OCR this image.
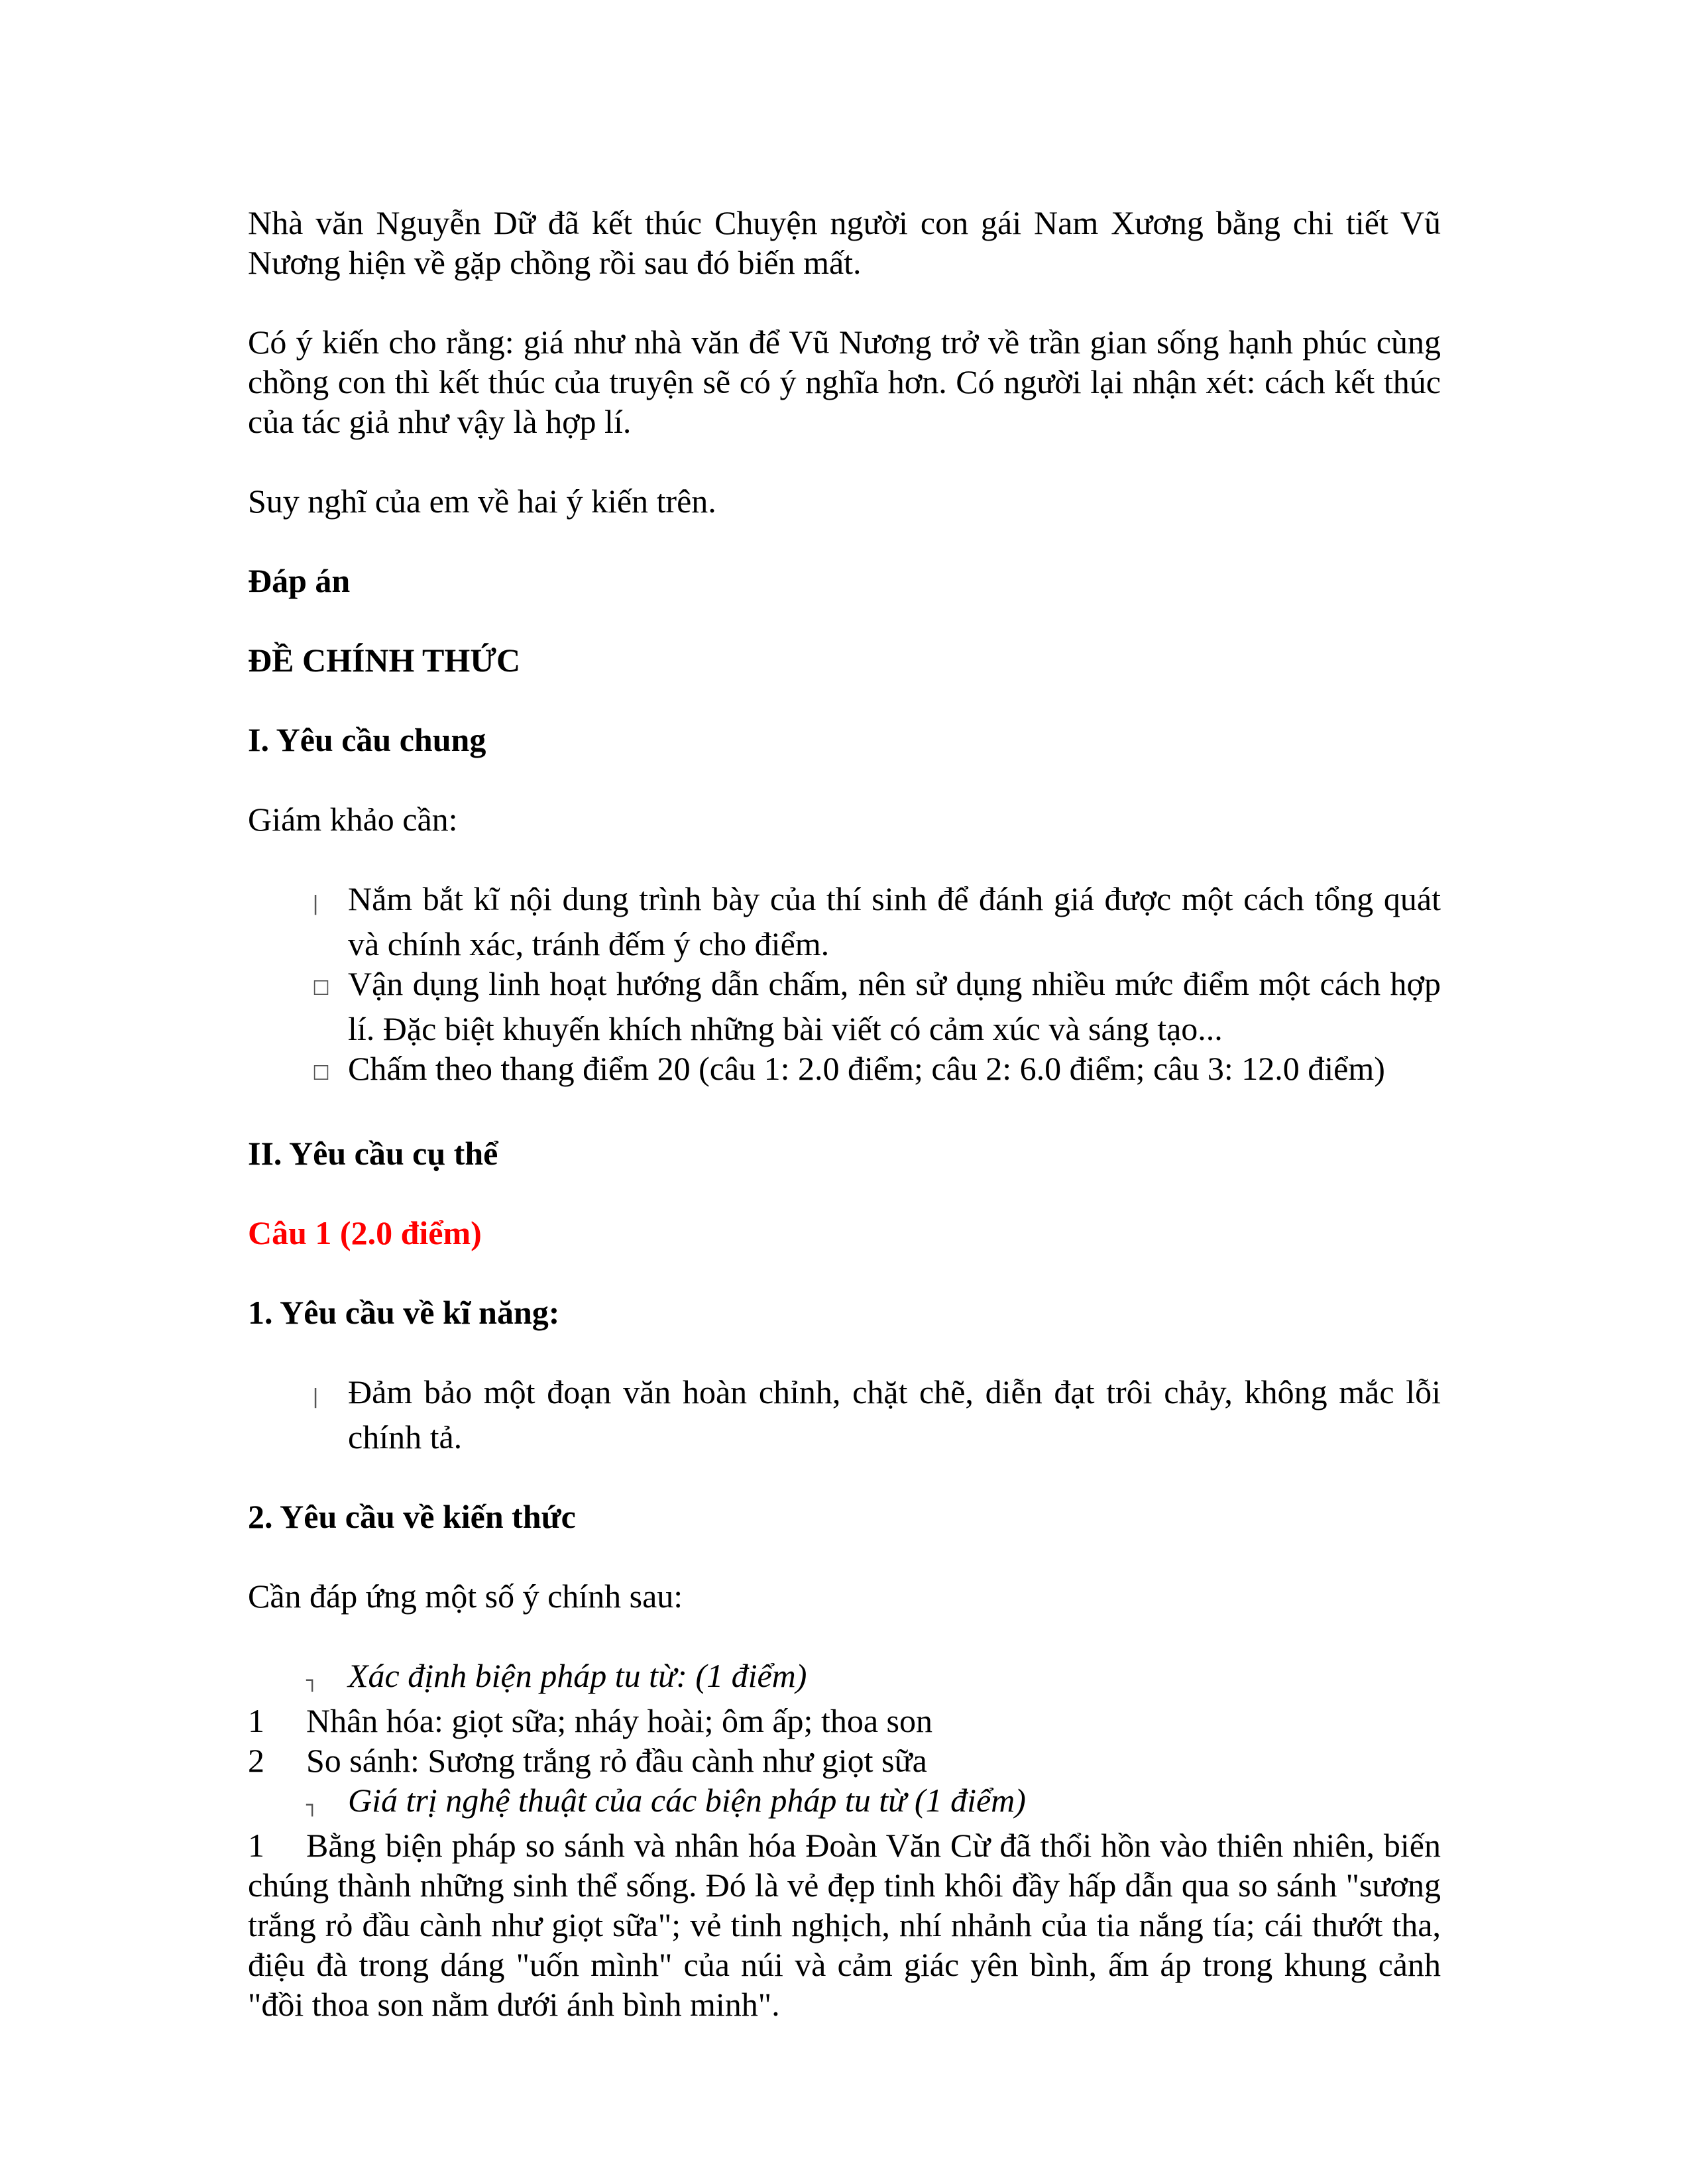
Nhà văn Nguyễn Dữ đã kết thúc Chuyện người con gái Nam Xương bằng chi tiết Vũ Nương hiện về gặp chồng rồi sau đó biến mất.

Có ý kiến cho rằng: giá như nhà văn để Vũ Nương trở về trần gian sống hạnh phúc cùng chồng con thì kết thúc của truyện sẽ có ý nghĩa hơn. Có người lại nhận xét: cách kết thúc của tác giả như vậy là hợp lí.

Suy nghĩ của em về hai ý kiến trên.

Đáp án

ĐỀ CHÍNH THỨC

I. Yêu cầu chung

Giám khảo cần:

| Nắm bắt kĩ nội dung trình bày của thí sinh để đánh giá được một cách tổng quát và chính xác, tránh đếm ý cho điểm.

☐ Vận dụng linh hoạt hướng dẫn chấm, nên sử dụng nhiều mức điểm một cách hợp lí. Đặc biệt khuyến khích những bài viết có cảm xúc và sáng tạo...

☐ Chấm theo thang điểm 20 (câu 1: 2.0 điểm; câu 2: 6.0 điểm; câu 3: 12.0 điểm)

II. Yêu cầu cụ thể

Câu 1 (2.0 điểm)

1. Yêu cầu về kĩ năng:

| Đảm bảo một đoạn văn hoàn chỉnh, chặt chẽ, diễn đạt trôi chảy, không mắc lỗi chính tả.

2. Yêu cầu về kiến thức

Cần đáp ứng một số ý chính sau:

┐ Xác định biện pháp tu từ: (1 điểm)

1 Nhân hóa: giọt sữa; nháy hoài; ôm ấp; thoa son

2 So sánh: Sương trắng rỏ đầu cành như giọt sữa

┐ Giá trị nghệ thuật của các biện pháp tu từ (1 điểm)

1 Bằng biện pháp so sánh và nhân hóa Đoàn Văn Cừ đã thổi hồn vào thiên nhiên, biến chúng thành những sinh thể sống. Đó là vẻ đẹp tinh khôi đầy hấp dẫn qua so sánh "sương trắng rỏ đầu cành như giọt sữa"; vẻ tinh nghịch, nhí nhảnh của tia nắng tía; cái thướt tha, điệu đà trong dáng "uốn mình" của núi và cảm giác yên bình, ấm áp trong khung cảnh "đồi thoa son nằm dưới ánh bình minh".
